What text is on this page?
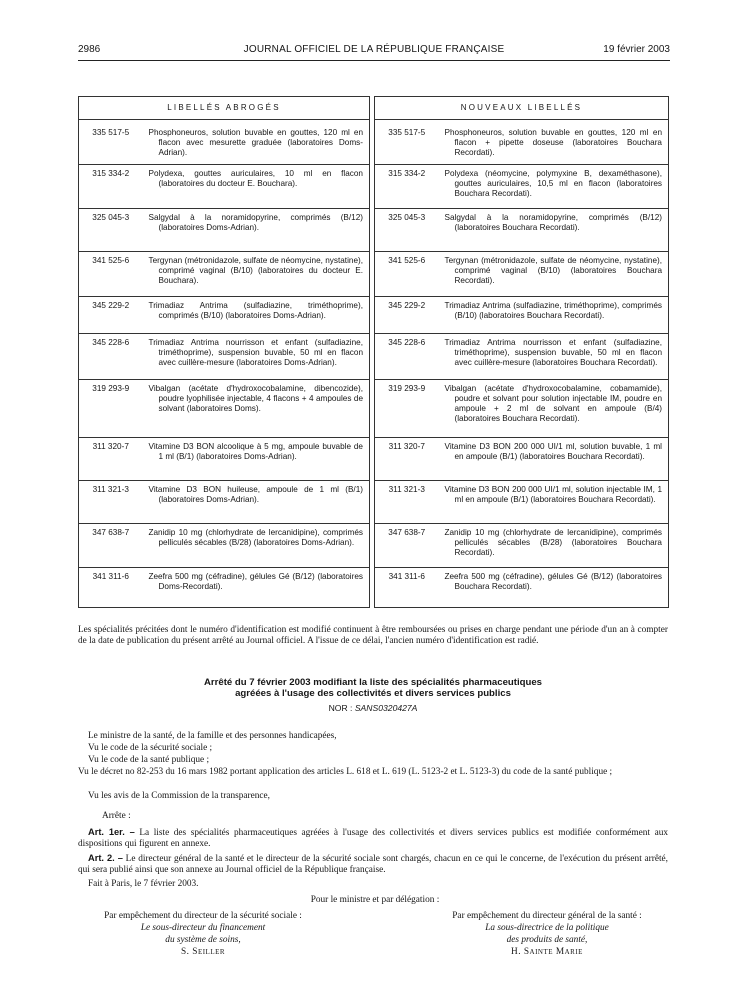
2986	JOURNAL OFFICIEL DE LA RÉPUBLIQUE FRANÇAISE	19 février 2003
LIBELLÉS ABROGÉS			NOUVEAUX LIBELLÉS	
335 517-5	Phosphoneuros, solution buvable en gouttes, 120 ml en flacon avec mesurette graduée (laboratoires Doms-Adrian).		335 517-5	Phosphoneuros, solution buvable en gouttes, 120 ml en flacon + pipette doseuse (laboratoires Bouchara Recordati).
315 334-2	Polydexa, gouttes auriculaires, 10 ml en flacon (laboratoires du docteur E. Bouchara).		315 334-2	Polydexa (néomycine, polymyxine B, dexaméthasone), gouttes auriculaires, 10,5 ml en flacon (laboratoires Bouchara Recordati).
325 045-3	Salgydal à la noramidopyrine, comprimés (B/12) (laboratoires Doms-Adrian).		325 045-3	Salgydal à la noramidopyrine, comprimés (B/12) (laboratoires Bouchara Recordati).
341 525-6	Tergynan (métronidazole, sulfate de néomycine, nystatine), comprimé vaginal (B/10) (laboratoires du docteur E. Bouchara).		341 525-6	Tergynan (métronidazole, sulfate de néomycine, nystatine), comprimé vaginal (B/10) (laboratoires Bouchara Recordati).
345 229-2	Trimadiaz Antrima (sulfadiazine, triméthoprime), comprimés (B/10) (laboratoires Doms-Adrian).		345 229-2	Trimadiaz Antrima (sulfadiazine, triméthoprime), comprimés (B/10) (laboratoires Bouchara Recordati).
345 228-6	Trimadiaz Antrima nourrisson et enfant (sulfadiazine, triméthoprime), suspension buvable, 50 ml en flacon avec cuillère-mesure (laboratoires Doms-Adrian).		345 228-6	Trimadiaz Antrima nourrisson et enfant (sulfadiazine, triméthoprime), suspension buvable, 50 ml en flacon avec cuillère-mesure (laboratoires Bouchara Recordati).
319 293-9	Vibalgan (acétate d'hydroxocobalamine, dibencozide), poudre lyophilisée injectable, 4 flacons + 4 ampoules de solvant (laboratoires Doms).		319 293-9	Vibalgan (acétate d'hydroxocobalamine, cobamamide), poudre et solvant pour solution injectable IM, poudre en ampoule + 2 ml de solvant en ampoule (B/4) (laboratoires Bouchara Recordati).
311 320-7	Vitamine D3 BON alcoolique à 5 mg, ampoule buvable de 1 ml (B/1) (laboratoires Doms-Adrian).		311 320-7	Vitamine D3 BON 200 000 UI/1 ml, solution buvable, 1 ml en ampoule (B/1) (laboratoires Bouchara Recordati).
311 321-3	Vitamine D3 BON huileuse, ampoule de 1 ml (B/1) (laboratoires Doms-Adrian).		311 321-3	Vitamine D3 BON 200 000 UI/1 ml, solution injectable IM, 1 ml en ampoule (B/1) (laboratoires Bouchara Recordati).
347 638-7	Zanidip 10 mg (chlorhydrate de lercanidipine), comprimés pelliculés sécables (B/28) (laboratoires Doms-Adrian).		347 638-7	Zanidip 10 mg (chlorhydrate de lercanidipine), comprimés pelliculés sécables (B/28) (laboratoires Bouchara Recordati).
341 311-6	Zeefra 500 mg (céfradine), gélules Gé (B/12) (laboratoires Doms-Recordati).		341 311-6	Zeefra 500 mg (céfradine), gélules Gé (B/12) (laboratoires Bouchara Recordati).
Les spécialités précitées dont le numéro d'identification est modifié continuent à être remboursées ou prises en charge pendant une période d'un an à compter de la date de publication du présent arrêté au Journal officiel. A l'issue de ce délai, l'ancien numéro d'identification est radié.
Arrêté du 7 février 2003 modifiant la liste des spécialités pharmaceutiques
agréées à l'usage des collectivités et divers services publics
NOR : SANS0320427A
Le ministre de la santé, de la famille et des personnes handicapées,
Vu le code de la sécurité sociale ;
Vu le code de la santé publique ;
Vu le décret no 82-253 du 16 mars 1982 portant application des articles L. 618 et L. 619 (L. 5123-2 et L. 5123-3) du code de la santé publique ;
Vu les avis de la Commission de la transparence,
Arrête :
Art. 1er. – La liste des spécialités pharmaceutiques agréées à l'usage des collectivités et divers services publics est modifiée conformément aux dispositions qui figurent en annexe.
Art. 2. – Le directeur général de la santé et le directeur de la sécurité sociale sont chargés, chacun en ce qui le concerne, de l'exécution du présent arrêté, qui sera publié ainsi que son annexe au Journal officiel de la République française.
Fait à Paris, le 7 février 2003.
Pour le ministre et par délégation :
Par empêchement du directeur de la sécurité sociale :
Le sous-directeur du financement
du système de soins,
S. Seiller
Par empêchement du directeur général de la santé :
La sous-directrice de la politique
des produits de santé,
H. Sainte Marie
